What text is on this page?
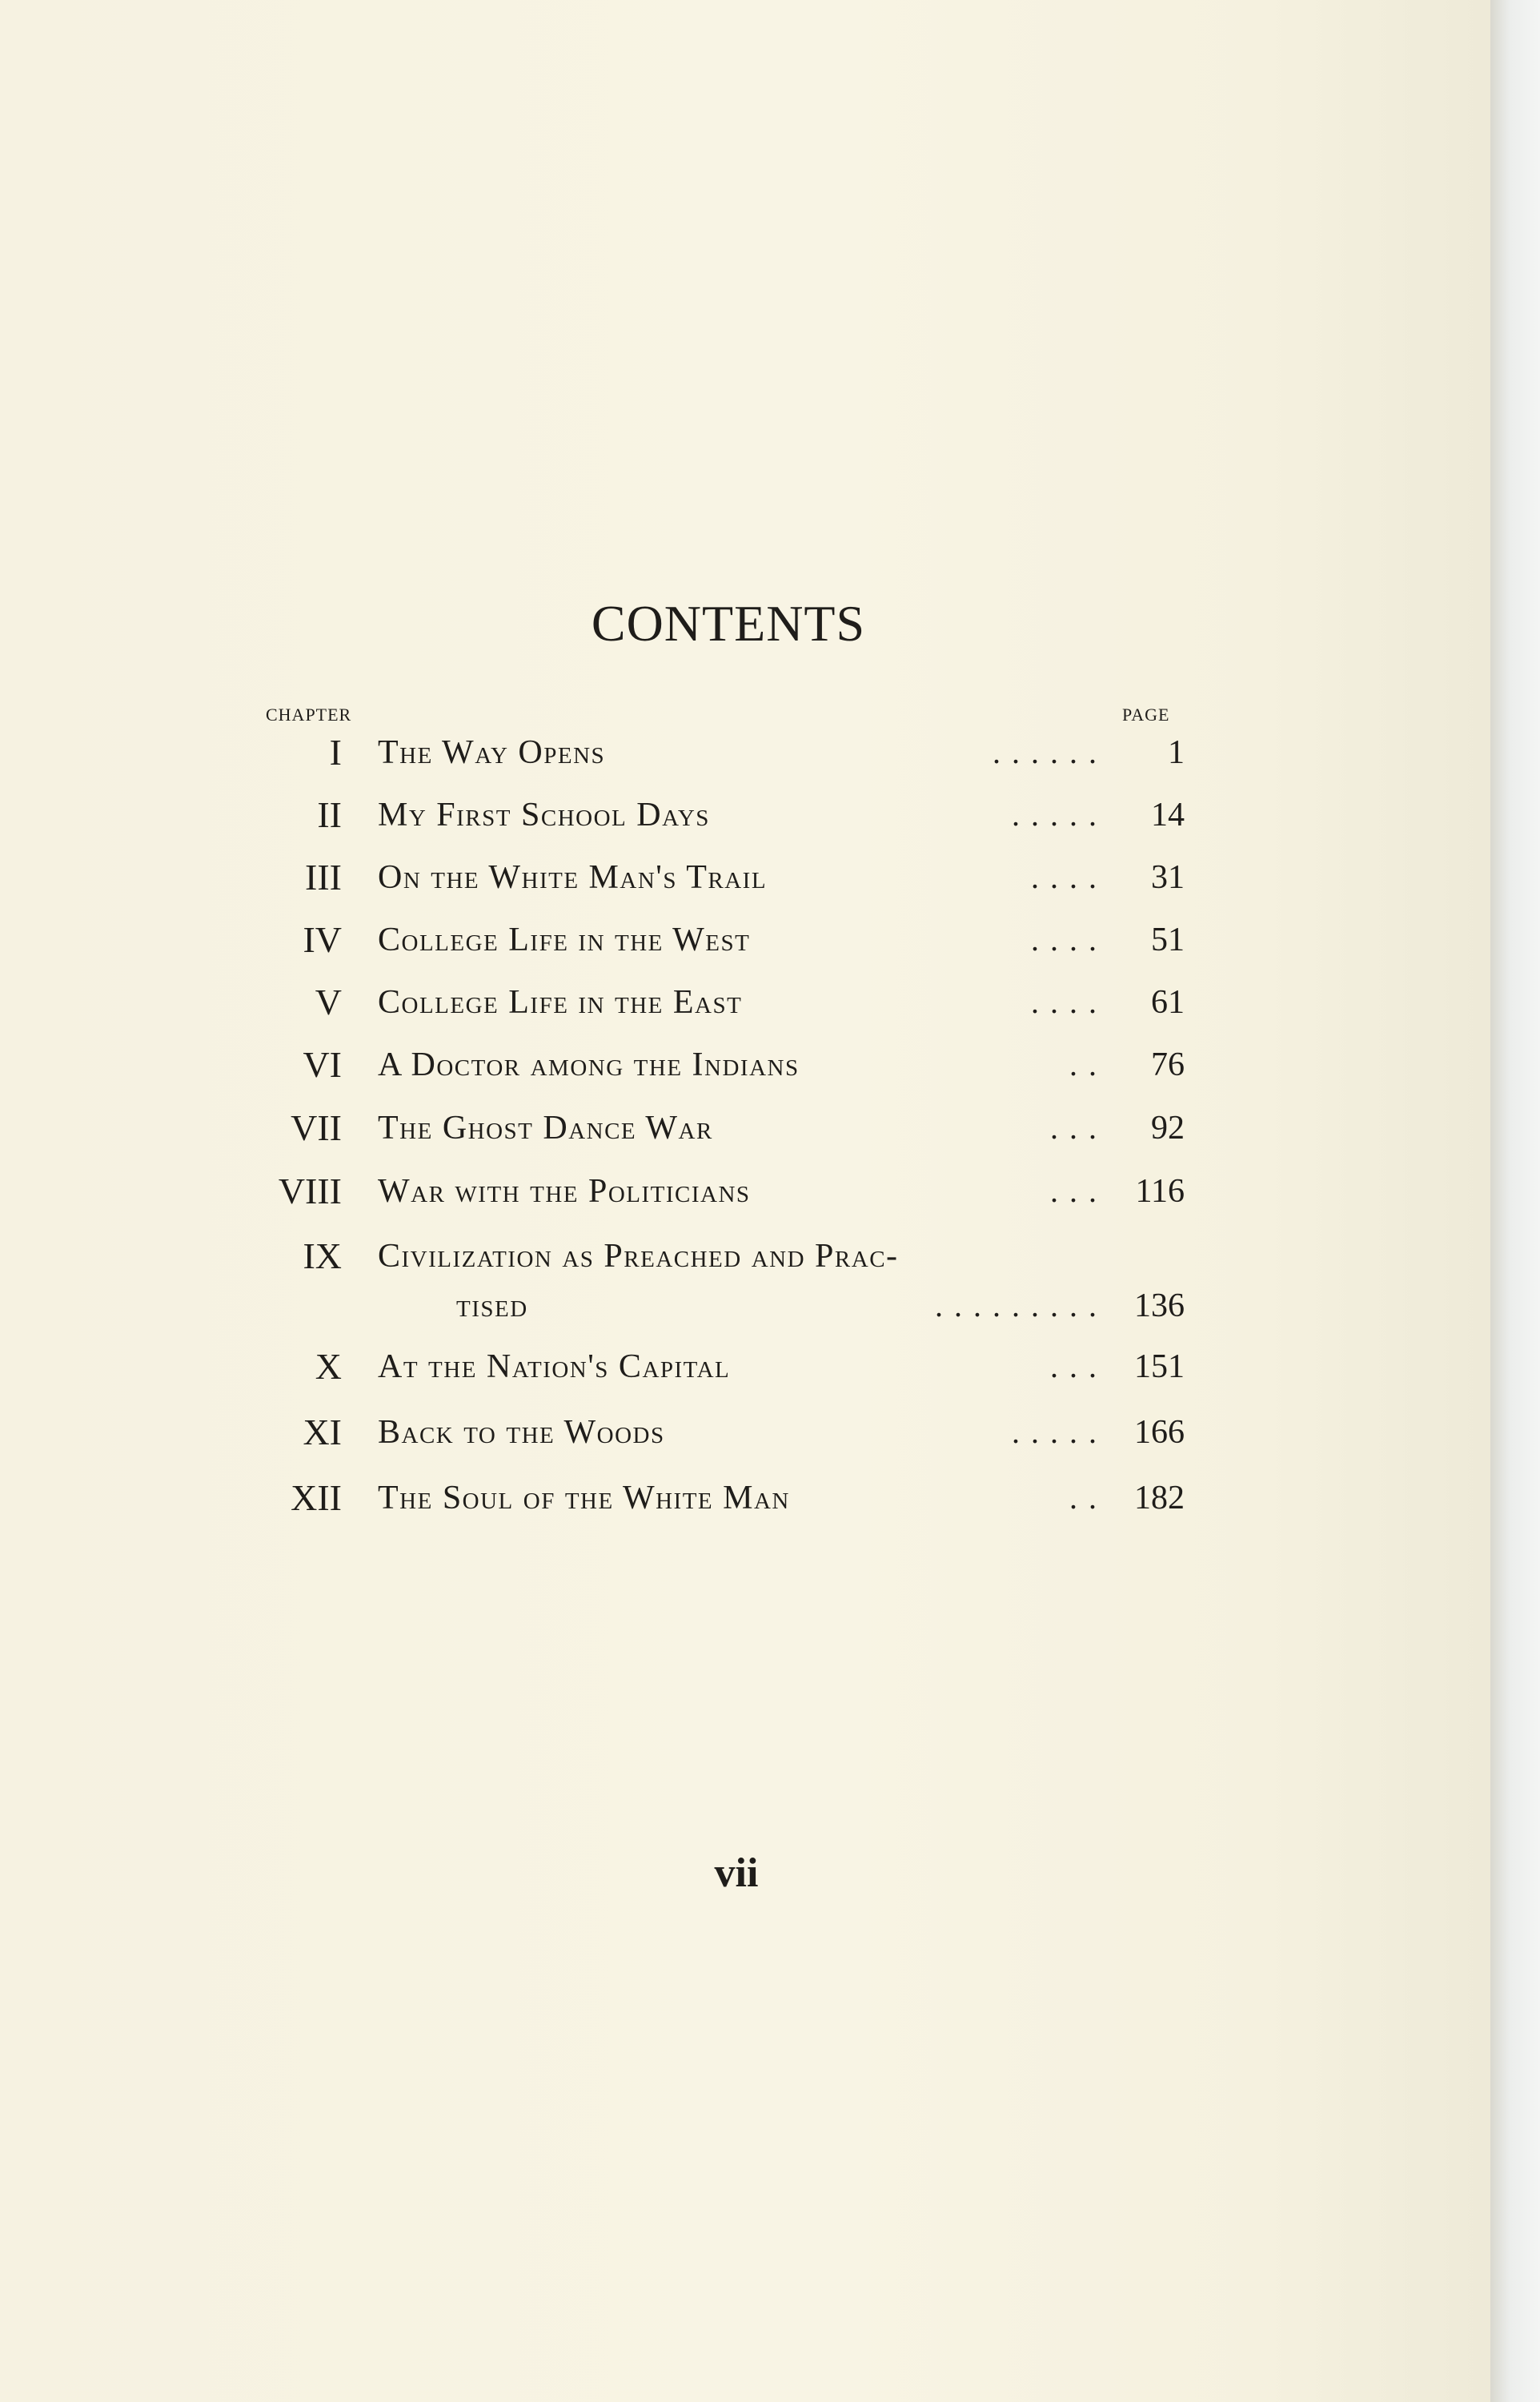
CONTENTS
CHAPTER	PAGE
I The Way Opens	. . . . . . 1
II My First School Days	. . . . . 14
III On the White Man's Trail	. . . . 31
IV College Life in the West	. . . . 51
V College Life in the East	. . . . 61
VI A Doctor among the Indians	. . 76
VII The Ghost Dance War	. . . 92
VIII War with the Politicians	. . . 116
IX Civilization as Preached and Prac-
tised	. . . . . . . . . 136
X At the Nation's Capital	. . . 151
XI Back to the Woods	. . . . . 166
XII The Soul of the White Man	. . 182
vii
